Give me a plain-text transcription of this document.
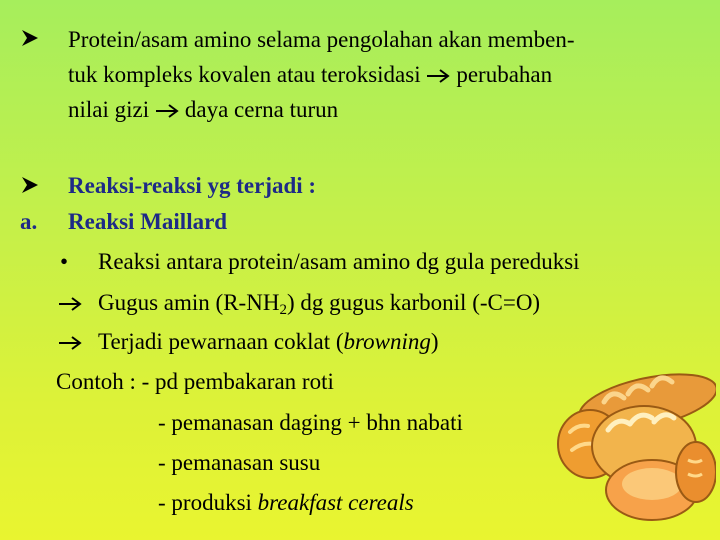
Protein/asam amino selama pengolahan akan memben-
tuk kompleks kovalen atau teroksidasi perubahan
nilai gizi daya cerna turun
Reaksi-reaksi yg terjadi :
a. Reaksi Maillard
• Reaksi antara protein/asam amino dg gula pereduksi
Gugus amin $(R-NH_2)$ dg gugus karbonil (-C=O)
Terjadi pewarnaan coklat (browning)
Contoh : - pd pembakaran roti
- pemanasan daging + bhn nabati
- pemanasan susu
- produksi breakfast cereals
